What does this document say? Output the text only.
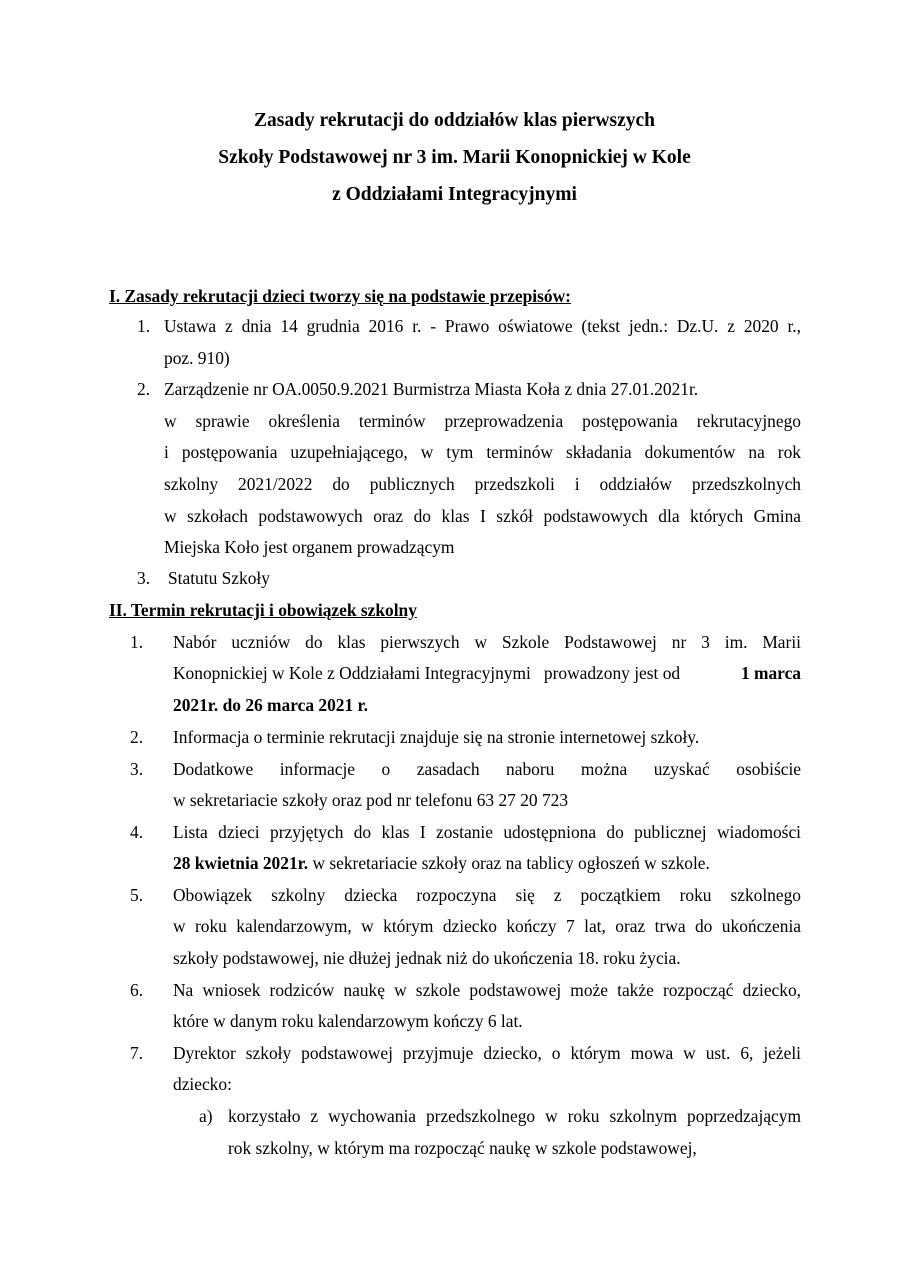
Zasady rekrutacji do oddziałów klas pierwszych
Szkoły Podstawowej nr 3 im. Marii Konopnickiej w Kole
z Oddziałami Integracyjnymi
I. Zasady rekrutacji dzieci tworzy się na podstawie przepisów:
1. Ustawa z dnia 14 grudnia 2016 r. - Prawo oświatowe (tekst jedn.: Dz.U. z 2020 r.,
poz. 910)
2. Zarządzenie nr OA.0050.9.2021 Burmistrza Miasta Koła z dnia 27.01.2021r.
w sprawie określenia terminów przeprowadzenia postępowania rekrutacyjnego
i postępowania uzupełniającego, w tym terminów składania dokumentów na rok
szkolny 2021/2022 do publicznych przedszkoli i oddziałów przedszkolnych
w szkołach podstawowych oraz do klas I szkół podstawowych dla których Gmina
Miejska Koło jest organem prowadzącym
3. Statutu Szkoły
II. Termin rekrutacji i obowiązek szkolny
1. Nabór uczniów do klas pierwszych w Szkole Podstawowej nr 3 im. Marii
Konopnickiej w Kole z Oddziałami Integracyjnymi   prowadzony jest od	1 marca
2021r. do 26 marca 2021 r.
2. Informacja o terminie rekrutacji znajduje się na stronie internetowej szkoły.
3. Dodatkowe informacje o zasadach naboru można uzyskać osobiście
w sekretariacie szkoły oraz pod nr telefonu 63 27 20 723
4. Lista dzieci przyjętych do klas I zostanie udostępniona do publicznej wiadomości
28 kwietnia 2021r. w sekretariacie szkoły oraz na tablicy ogłoszeń w szkole.
5. Obowiązek szkolny dziecka rozpoczyna się z początkiem roku szkolnego
w roku kalendarzowym, w którym dziecko kończy 7 lat, oraz trwa do ukończenia
szkoły podstawowej, nie dłużej jednak niż do ukończenia 18. roku życia.
6. Na wniosek rodziców naukę w szkole podstawowej może także rozpocząć dziecko,
które w danym roku kalendarzowym kończy 6 lat.
7. Dyrektor szkoły podstawowej przyjmuje dziecko, o którym mowa w ust. 6, jeżeli
dziecko:
a) korzystało z wychowania przedszkolnego w roku szkolnym poprzedzającym
rok szkolny, w którym ma rozpocząć naukę w szkole podstawowej,
